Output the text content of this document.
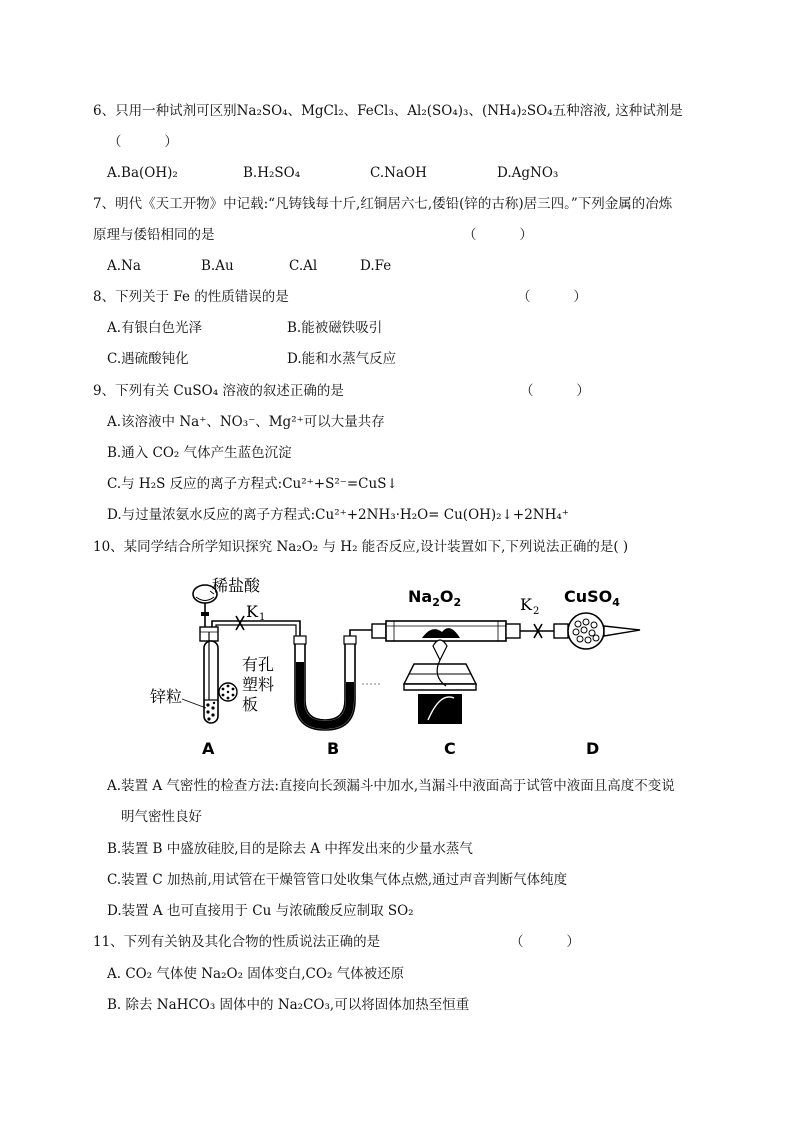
6、只用一种试剂可区别Na₂SO₄、MgCl₂、FeCl₃、Al₂(SO₄)₃、(NH₄)₂SO₄五种溶液, 这种试剂是
（          ）
A.Ba(OH)₂	B.H₂SO₄	C.NaOH	D.AgNO₃
7、明代《天工开物》中记载:“凡铸钱每十斤,红铜居六七,倭铅(锌的古称)居三四。”下列金属的冶炼
原理与倭铅相同的是	（          ）
A.Na	B.Au	C.Al	D.Fe
8、下列关于 Fe 的性质错误的是	（          ）
A.有银白色光泽	B.能被磁铁吸引
C.遇硫酸钝化	D.能和水蒸气反应
9、下列有关 CuSO₄ 溶液的叙述正确的是	（          ）
A.该溶液中 Na⁺、NO₃⁻、Mg²⁺可以大量共存
B.通入 CO₂ 气体产生蓝色沉淀
C.与 H₂S 反应的离子方程式:Cu²⁺+S²⁻=CuS↓
D.与过量浓氨水反应的离子方程式:Cu²⁺+2NH₃·H₂O= Cu(OH)₂↓+2NH₄⁺
10、某同学结合所学知识探究 Na₂O₂ 与 H₂ 能否反应,设计装置如下,下列说法正确的是( )
稀盐酸
锌粒
有孔
塑料
板
K 1
$Na_2O_2$	K 2
CuSO$_4$
A	B	C	D
A.装置 A 气密性的检查方法:直接向长颈漏斗中加水,当漏斗中液面高于试管中液面且高度不变说
明气密性良好
B.装置 B 中盛放硅胶,目的是除去 A 中挥发出来的少量水蒸气
C.装置 C 加热前,用试管在干燥管管口处收集气体点燃,通过声音判断气体纯度
D.装置 A 也可直接用于 Cu 与浓硫酸反应制取 SO₂
11、下列有关钠及其化合物的性质说法正确的是	（          ）
A. CO₂ 气体使 Na₂O₂ 固体变白,CO₂ 气体被还原
B. 除去 NaHCO₃ 固体中的 Na₂CO₃,可以将固体加热至恒重
